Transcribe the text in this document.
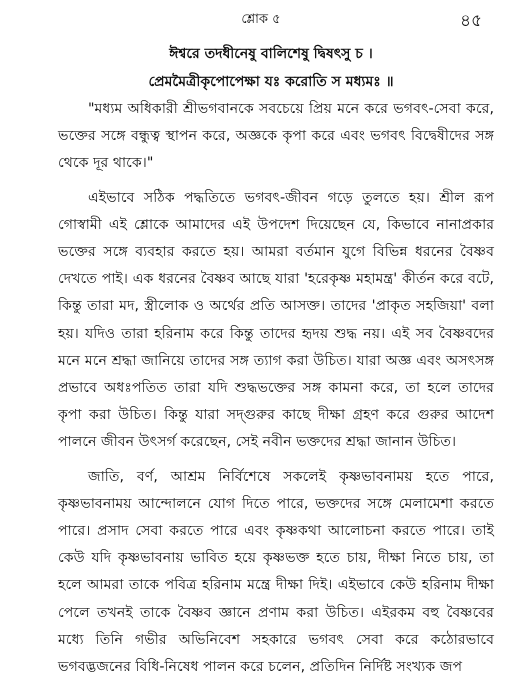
শ্লোক ৫	৪৫
ঈশ্বরে তদধীনেষু বালিশেষু দ্বিষৎসু চ ।
প্রেমমৈত্রীকৃপোপেক্ষা যঃ করোতি স মধ্যমঃ ॥

"মধ্যম অধিকারী শ্রীভগবানকে সবচেয়ে প্রিয় মনে করে ভগবৎ-সেবা করে, ভক্তের সঙ্গে বন্ধুত্ব স্থাপন করে, অজ্ঞকে কৃপা করে এবং ভগবৎ বিদ্বেষীদের সঙ্গ থেকে দূর থাকে।"

এইভাবে সঠিক পদ্ধতিতে ভগবৎ-জীবন গড়ে তুলতে হয়। শ্রীল রূপ গোস্বামী এই শ্লোকে আমাদের এই উপদেশ দিয়েছেন যে, কিভাবে নানাপ্রকার ভক্তের সঙ্গে ব্যবহার করতে হয়। আমরা বর্তমান যুগে বিভিন্ন ধরনের বৈষ্ণব দেখতে পাই। এক ধরনের বৈষ্ণব আছে যারা 'হরেকৃষ্ণ মহামন্ত্র' কীর্তন করে বটে, কিন্তু তারা মদ, স্ত্রীলোক ও অর্থের প্রতি আসক্ত। তাদের 'প্রাকৃত সহজিয়া' বলা হয়। যদিও তারা হরিনাম করে কিন্তু তাদের হৃদয় শুদ্ধ নয়। এই সব বৈষ্ণবদের মনে মনে শ্রদ্ধা জানিয়ে তাদের সঙ্গ ত্যাগ করা উচিত। যারা অজ্ঞ এবং অসৎসঙ্গ প্রভাবে অধঃপতিত তারা যদি শুদ্ধভক্তের সঙ্গ কামনা করে, তা হলে তাদের কৃপা করা উচিত। কিন্তু যারা সদ্গুরুর কাছে দীক্ষা গ্রহণ করে গুরুর আদেশ পালনে জীবন উৎসর্গ করেছেন, সেই নবীন ভক্তদের শ্রদ্ধা জানান উচিত।

জাতি, বর্ণ, আশ্রম নির্বিশেষে সকলেই কৃষ্ণভাবনাময় হতে পারে, কৃষ্ণভাবনাময় আন্দোলনে যোগ দিতে পারে, ভক্তদের সঙ্গে মেলামেশা করতে পারে। প্রসাদ সেবা করতে পারে এবং কৃষ্ণকথা আলোচনা করতে পারে। তাই কেউ যদি কৃষ্ণভাবনায় ভাবিত হয়ে কৃষ্ণভক্ত হতে চায়, দীক্ষা নিতে চায়, তা হলে আমরা তাকে পবিত্র হরিনাম মন্ত্রে দীক্ষা দিই। এইভাবে কেউ হরিনাম দীক্ষা পেলে তখনই তাকে বৈষ্ণব জ্ঞানে প্রণাম করা উচিত। এইরকম বহু বৈষ্ণবের মধ্যে তিনি গভীর অভিনিবেশ সহকারে ভগবৎ সেবা করে কঠোরভাবে ভগবদ্ভজনের বিধি-নিষেধ পালন করে চলেন, প্রতিদিন নির্দিষ্ট সংখ্যক জপ
